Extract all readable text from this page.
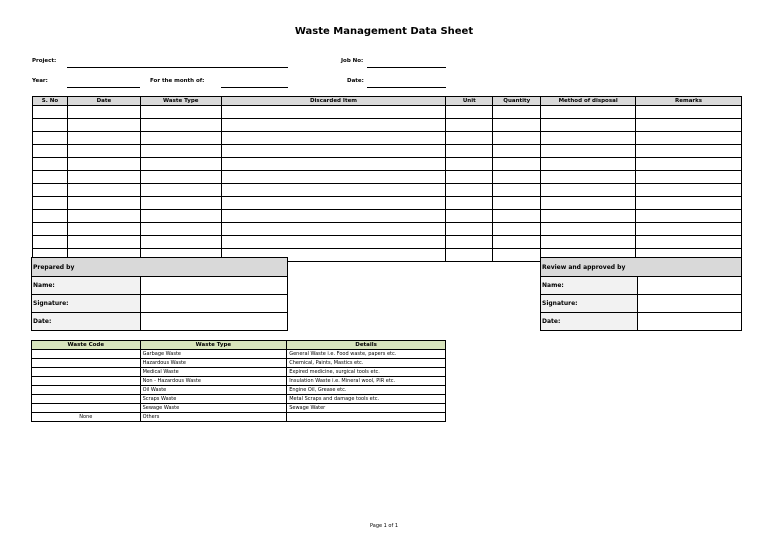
Waste Management Data Sheet
Project:	Job No:
Year:	For the month of:	Date:
S. No	Date	Waste Type	Discarded Item	Unit	Quantity	Method of disposal	Remarks

Prepared by	
Name:	
Signature:	
Date:	
Review and approved by	
Name:	
Signature:	
Date:	
Waste Code	Waste Type	Details
	Garbage Waste	General Waste i.e. Food waste, papers etc.
	Hazardous Waste	Chemical, Paints, Mastics etc.
	Medical Waste	Expired medicine, surgical tools etc.
	Non - Hazardous Waste	Insulation Waste i.e. Mineral wool, PIR etc.
	Oil Waste	Engine Oil, Grease etc.
	Scraps Waste	Metal Scraps and damage tools etc.
	Sewage Waste	Sewage Water
None	Others	
Page 1 of 1
